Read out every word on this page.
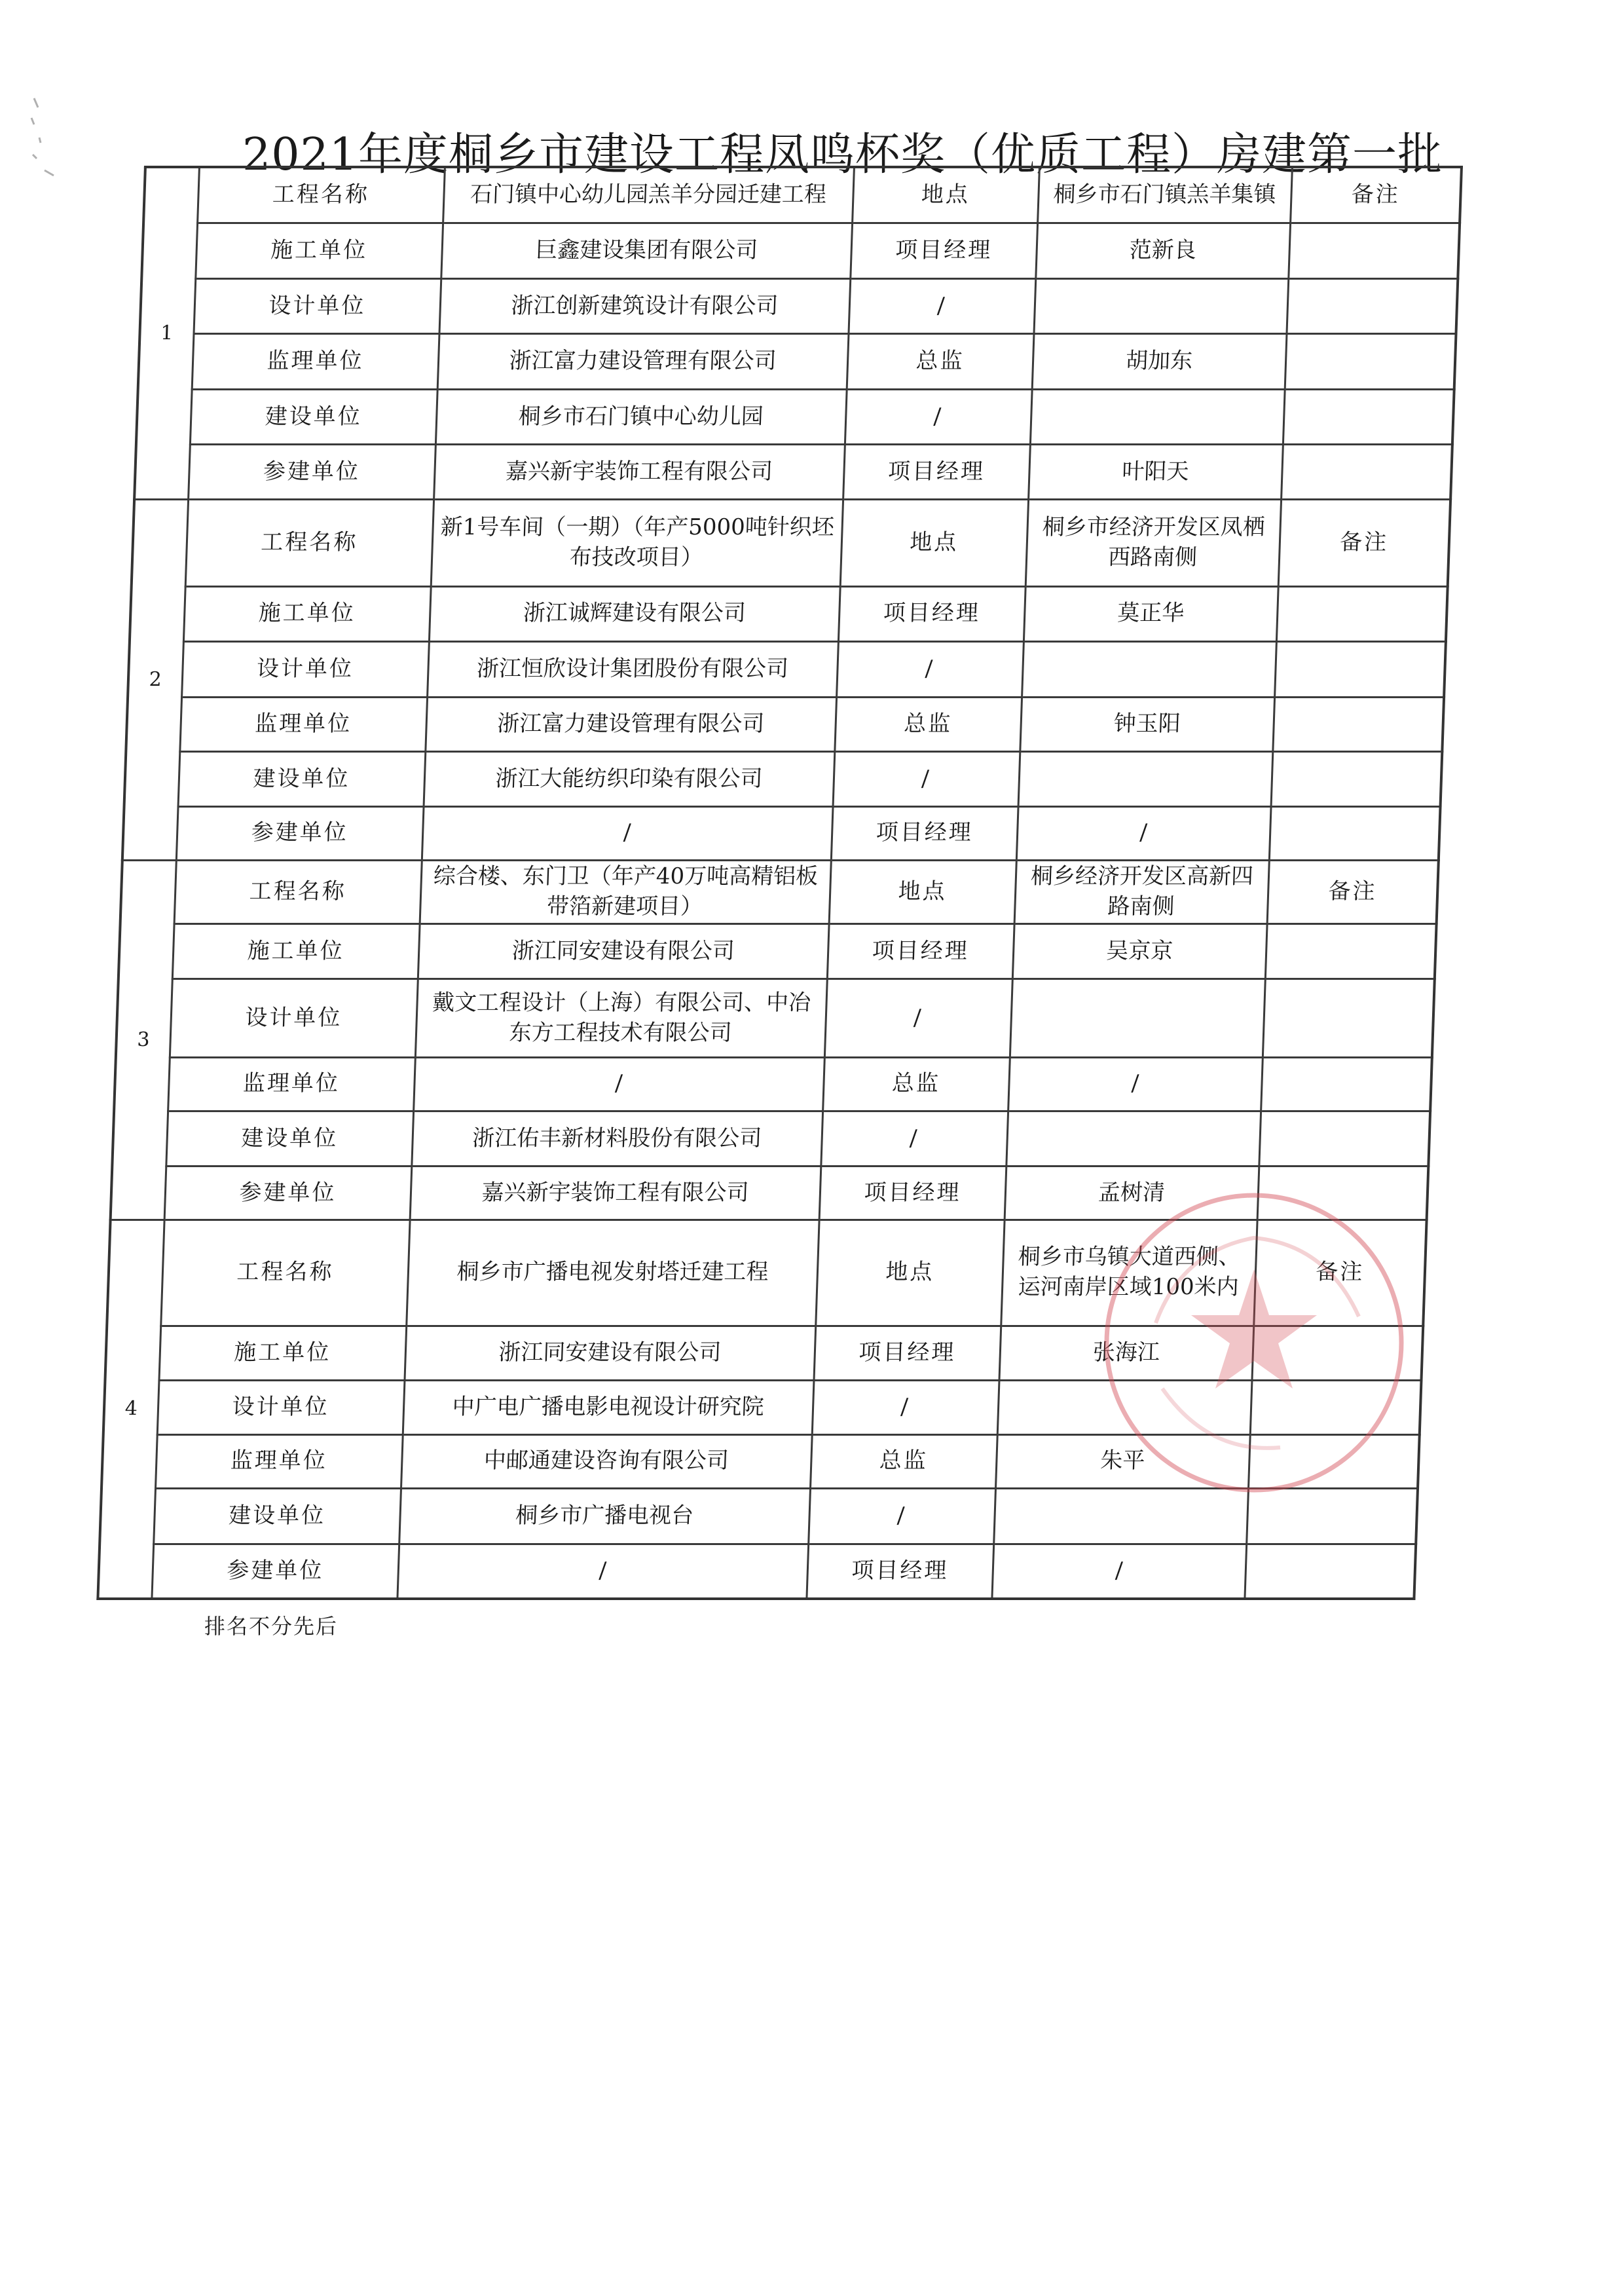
2021年度桐乡市建设工程凤鸣杯奖（优质工程）房建第一批
1	工程名称	石门镇中心幼儿园羔羊分园迁建工程	地点	桐乡市石门镇羔羊集镇	备注
	施工单位	巨鑫建设集团有限公司	项目经理	范新良	
	设计单位	浙江创新建筑设计有限公司	/		
	监理单位	浙江富力建设管理有限公司	总监	胡加东	
	建设单位	桐乡市石门镇中心幼儿园	/		
	参建单位	嘉兴新宇装饰工程有限公司	项目经理	叶阳天	
2	工程名称	新1号车间（一期）（年产5000吨针织坯布技改项目）	地点	桐乡市经济开发区凤栖西路南侧	备注
	施工单位	浙江诚辉建设有限公司	项目经理	莫正华	
	设计单位	浙江恒欣设计集团股份有限公司	/		
	监理单位	浙江富力建设管理有限公司	总监	钟玉阳	
	建设单位	浙江大能纺织印染有限公司	/		
	参建单位	/	项目经理	/	
3	工程名称	综合楼、东门卫（年产40万吨高精铝板带箔新建项目）	地点	桐乡经济开发区高新四路南侧	备注
	施工单位	浙江同安建设有限公司	项目经理	吴京京	
	设计单位	戴文工程设计（上海）有限公司、中冶东方工程技术有限公司	/		
	监理单位	/	总监	/	
	建设单位	浙江佑丰新材料股份有限公司	/		
	参建单位	嘉兴新宇装饰工程有限公司	项目经理	孟树清	
4	工程名称	桐乡市广播电视发射塔迁建工程	地点	桐乡市乌镇大道西侧、运河南岸区域100米内	备注
	施工单位	浙江同安建设有限公司	项目经理	张海江	
	设计单位	中广电广播电影电视设计研究院	/		
	监理单位	中邮通建设咨询有限公司	总监	朱平	
	建设单位	桐乡市广播电视台	/		
	参建单位	/	项目经理	/	
排名不分先后
